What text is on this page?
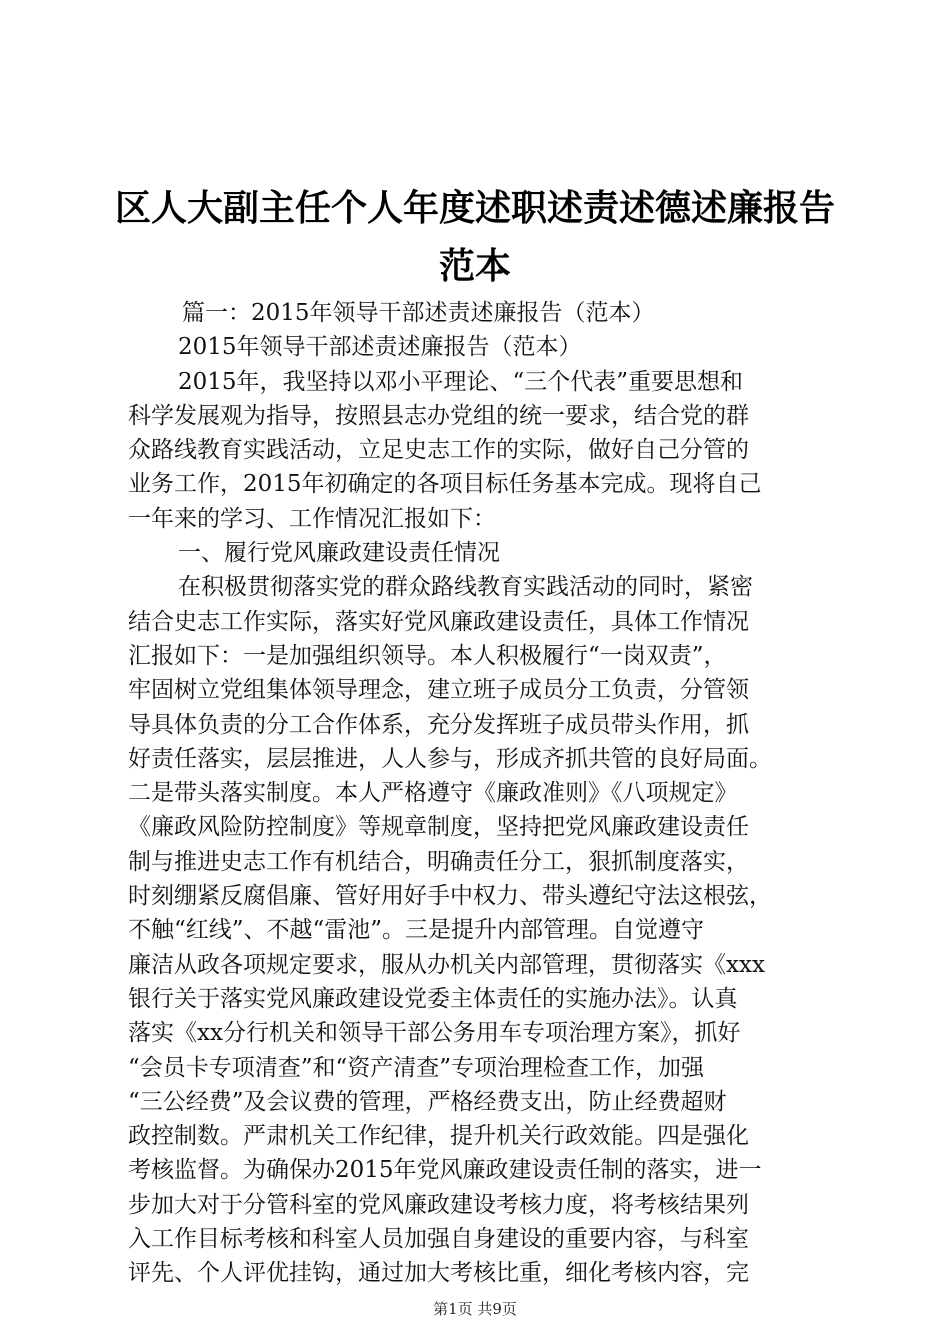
区人大副主任个人年度述职述责述德述廉报告
范本
篇一：2015年领导干部述责述廉报告（范本）
2015年领导干部述责述廉报告（范本）
2015年，我坚持以邓小平理论、“三个代表”重要思想和
科学发展观为指导，按照县志办党组的统一要求，结合党的群
众路线教育实践活动，立足史志工作的实际，做好自己分管的
业务工作，2015年初确定的各项目标任务基本完成。现将自己
一年来的学习、工作情况汇报如下：
一、履行党风廉政建设责任情况
在积极贯彻落实党的群众路线教育实践活动的同时，紧密
结合史志工作实际，落实好党风廉政建设责任，具体工作情况
汇报如下：一是加强组织领导。本人积极履行“一岗双责”，
牢固树立党组集体领导理念，建立班子成员分工负责，分管领
导具体负责的分工合作体系，充分发挥班子成员带头作用，抓
好责任落实，层层推进，人人参与，形成齐抓共管的良好局面。
二是带头落实制度。本人严格遵守《廉政准则》《八项规定》
《廉政风险防控制度》等规章制度，坚持把党风廉政建设责任
制与推进史志工作有机结合，明确责任分工，狠抓制度落实，
时刻绷紧反腐倡廉、管好用好手中权力、带头遵纪守法这根弦，
不触“红线”、不越“雷池”。三是提升内部管理。自觉遵守
廉洁从政各项规定要求，服从办机关内部管理，贯彻落实《xxx
银行关于落实党风廉政建设党委主体责任的实施办法》。认真
落实《xx分行机关和领导干部公务用车专项治理方案》，抓好
“会员卡专项清查”和“资产清查”专项治理检查工作，加强
“三公经费”及会议费的管理，严格经费支出，防止经费超财
政控制数。严肃机关工作纪律，提升机关行政效能。四是强化
考核监督。为确保办2015年党风廉政建设责任制的落实，进一
步加大对于分管科室的党风廉政建设考核力度，将考核结果列
入工作目标考核和科室人员加强自身建设的重要内容，与科室
评先、个人评优挂钩，通过加大考核比重，细化考核内容，完
第1页 共9页
